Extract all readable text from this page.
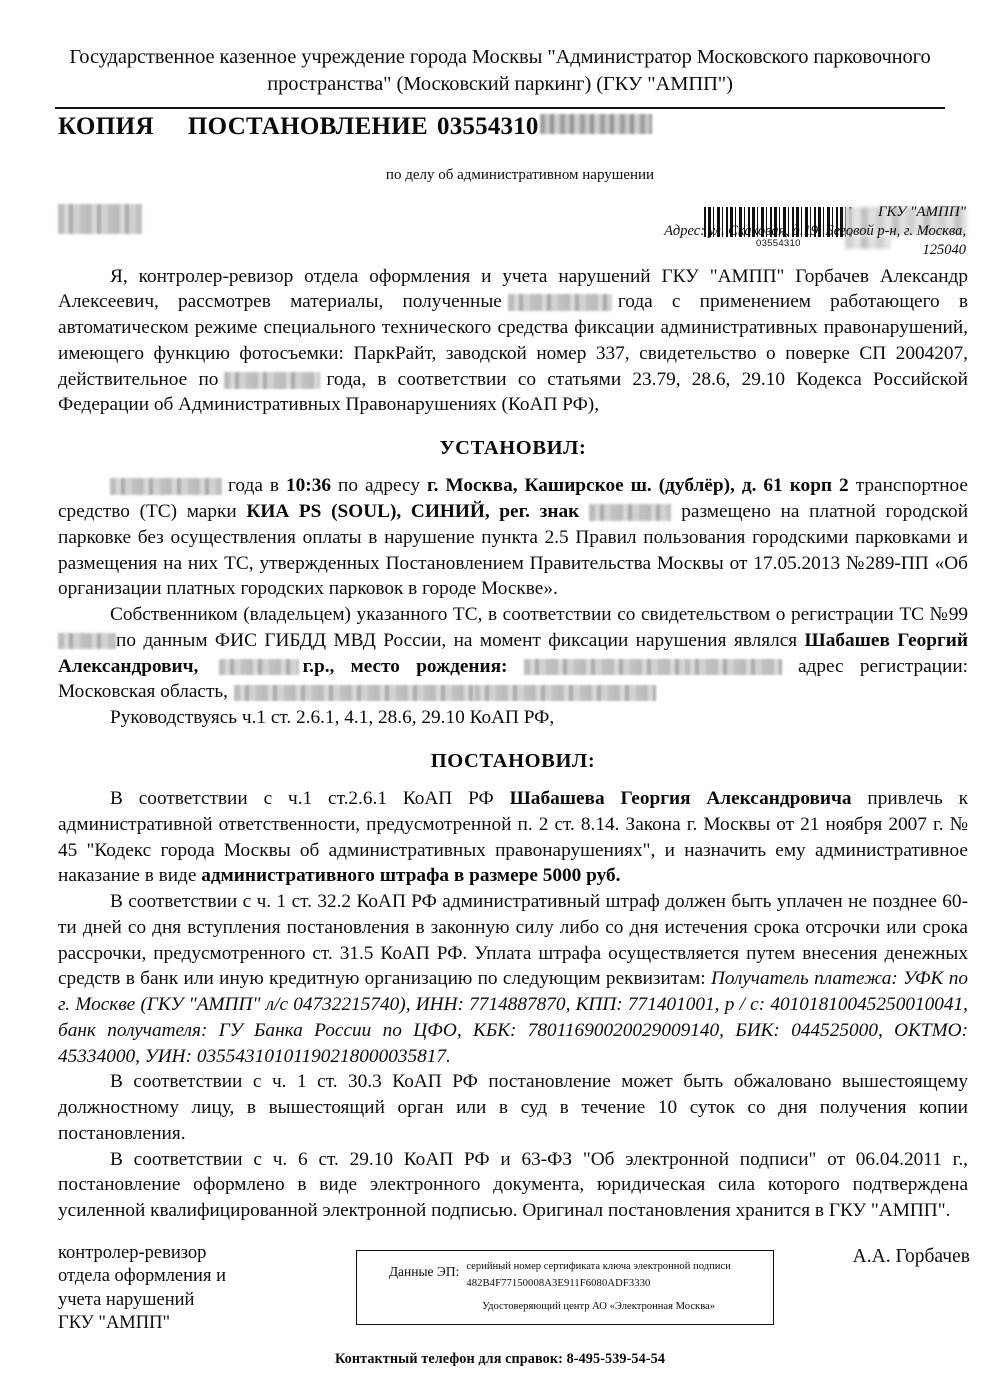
Государственное казенное учреждение города Москвы "Администратор Московского парковочного пространства" (Московский паркинг) (ГКУ "АМПП")
КОПИЯ ПОСТАНОВЛЕНИЕ 03554310
03554310
по делу об административном нарушении
ГКУ "АМПП"
Адрес: ул. Скаковая, д.19, Беговой р-н, г. Москва,
125040

Я, контролер-ревизор отдела оформления и учета нарушений ГКУ "АМПП" Горбачев Александр Алексеевич, рассмотрев материалы, полученные	года с применением работающего в автоматическом режиме специального технического средства фиксации административных правонарушений, имеющего функцию фотосъемки: ПаркРайт, заводской номер 337, свидетельство о поверке СП 2004207, действительное по	года, в соответствии со статьями 23.79, 28.6, 29.10 Кодекса Российской Федерации об Административных Правонарушениях (КоАП РФ),

УСТАНОВИЛ:

года в 10:36 по адресу г. Москва, Каширское ш. (дублёр), д. 61 корп 2 транспортное средство (ТС) марки КИА PS (SOUL), СИНИЙ, рег. знак	размещено на платной городской парковке без осуществления оплаты в нарушение пункта 2.5 Правил пользования городскими парковками и размещения на них ТС, утвержденных Постановлением Правительства Москвы от 17.05.2013 №289-ПП «Об организации платных городских парковок в городе Москве».

Собственником (владельцем) указанного ТС, в соответствии со свидетельством о регистрации ТС №99по данным ФИС ГИБДД МВД России, на момент фиксации нарушения являлся Шабашев Георгий Александрович,	г.р., место рождения:	адрес регистрации: Московская область,

Руководствуясь ч.1 ст. 2.6.1, 4.1, 28.6, 29.10 КоАП РФ,

ПОСТАНОВИЛ:

В соответствии с ч.1 ст.2.6.1 КоАП РФ Шабашева Георгия Александровича привлечь к административной ответственности, предусмотренной п. 2 ст. 8.14. Закона г. Москвы от 21 ноября 2007 г. № 45 "Кодекс города Москвы об административных правонарушениях", и назначить ему административное наказание в виде административного штрафа в размере 5000 руб.

В соответствии с ч. 1 ст. 32.2 КоАП РФ административный штраф должен быть уплачен не позднее 60-ти дней со дня вступления постановления в законную силу либо со дня истечения срока отсрочки или срока рассрочки, предусмотренного ст. 31.5 КоАП РФ. Уплата штрафа осуществляется путем внесения денежных средств в банк или иную кредитную организацию по следующим реквизитам: Получатель платежа: УФК по г. Москве (ГКУ "АМПП" л/с 04732215740), ИНН: 7714887870, КПП: 771401001, р / с: 40101810045250010041, банк получателя: ГУ Банка России по ЦФО, КБК: 78011690020029009140, БИК: 044525000, ОКТМО: 45334000, УИН: 03554310101190218000035817.

В соответствии с ч. 1 ст. 30.3 КоАП РФ постановление может быть обжаловано вышестоящему должностному лицу, в вышестоящий орган или в суд в течение 10 суток со дня получения копии постановления.

В соответствии с ч. 6 ст. 29.10 КоАП РФ и 63-ФЗ "Об электронной подписи" от 06.04.2011 г., постановление оформлено в виде электронного документа, юридическая сила которого подтверждена усиленной квалифицированной электронной подписью. Оригинал постановления хранится в ГКУ "АМПП".

контролер-ревизор
отдела оформления и
учета нарушений
ГКУ "АМПП"
Данные ЭП: серийный номер сертификата ключа электронной подписи
482B4F77150008A3E911F6080ADF3330
Удостоверяющий центр АО «Электронная Москва»
А.А. Горбачев
Контактный телефон для справок: 8-495-539-54-54
